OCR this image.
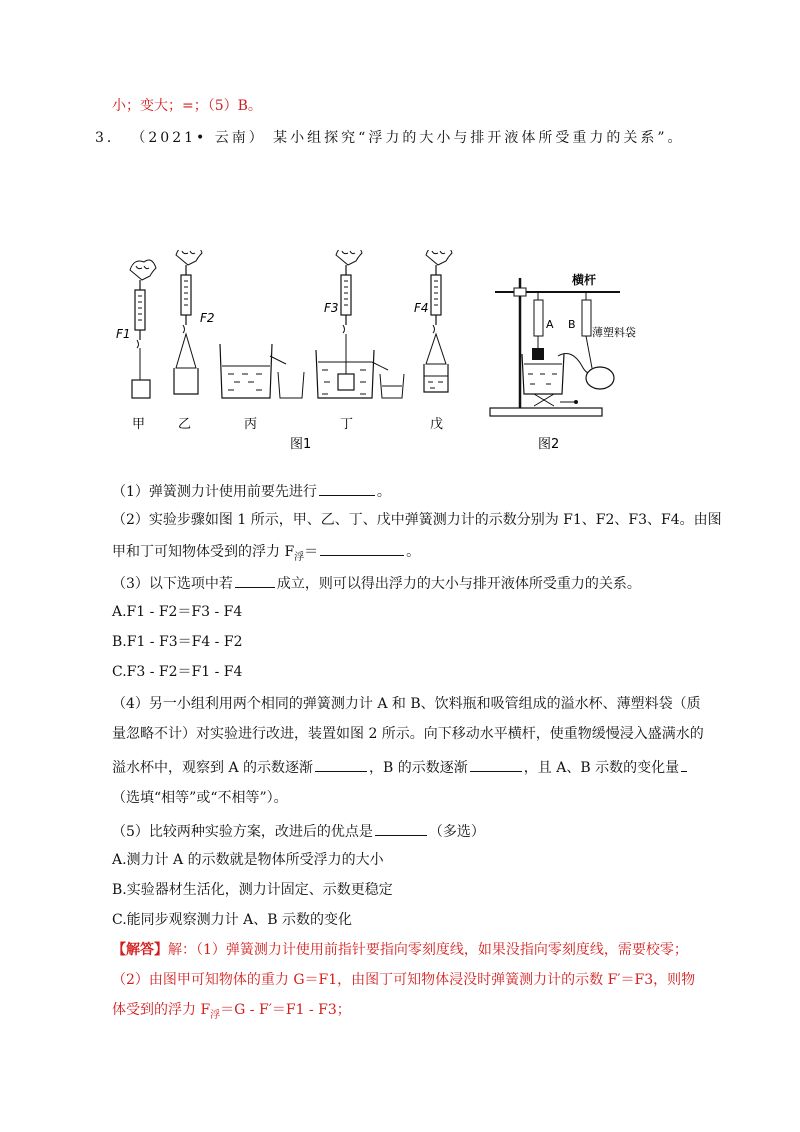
小；变大；=；（5）B。
3． （2021• 云南） 某小组探究“浮力的大小与排开液体所受重力的关系”。
F1
甲
F2
乙	丙
F3
丁
F4
戊
图1
横杆
A B
薄塑料袋
图2
（1）弹簧测力计使用前要先进行	。
（2）实验步骤如图 1 所示，甲、乙、丁、戊中弹簧测力计的示数分别为 F1、F2、F3、F4。由图
甲和丁可知物体受到的浮力 $F_浮=$	。
（3）以下选项中若	成立，则可以得出浮力的大小与排开液体所受重力的关系。
A.F1 - F2＝F3 - F4
B.F1 - F3＝F4 - F2
C.F3 - F2＝F1 - F4
（4）另一小组利用两个相同的弹簧测力计 A 和 B、饮料瓶和吸管组成的溢水杯、薄塑料袋（质
量忽略不计）对实验进行改进，装置如图 2 所示。向下移动水平横杆，使重物缓慢浸入盛满水的
溢水杯中，观察到 A 的示数逐渐	，B 的示数逐渐	，且 A、B 示数的变化量
（选填“相等”或“不相等”）。
（5）比较两种实验方案，改进后的优点是	（多选）
A.测力计 A 的示数就是物体所受浮力的大小
B.实验器材生活化，测力计固定、示数更稳定
C.能同步观察测力计 A、B 示数的变化
【解答】解：（1）弹簧测力计使用前指针要指向零刻度线，如果没指向零刻度线，需要校零；
（2）由图甲可知物体的重力 G＝F1，由图丁可知物体浸没时弹簧测力计的示数 F′＝F3，则物
体受到的浮力 $F_浮=G - F'=F1 - F3$；
